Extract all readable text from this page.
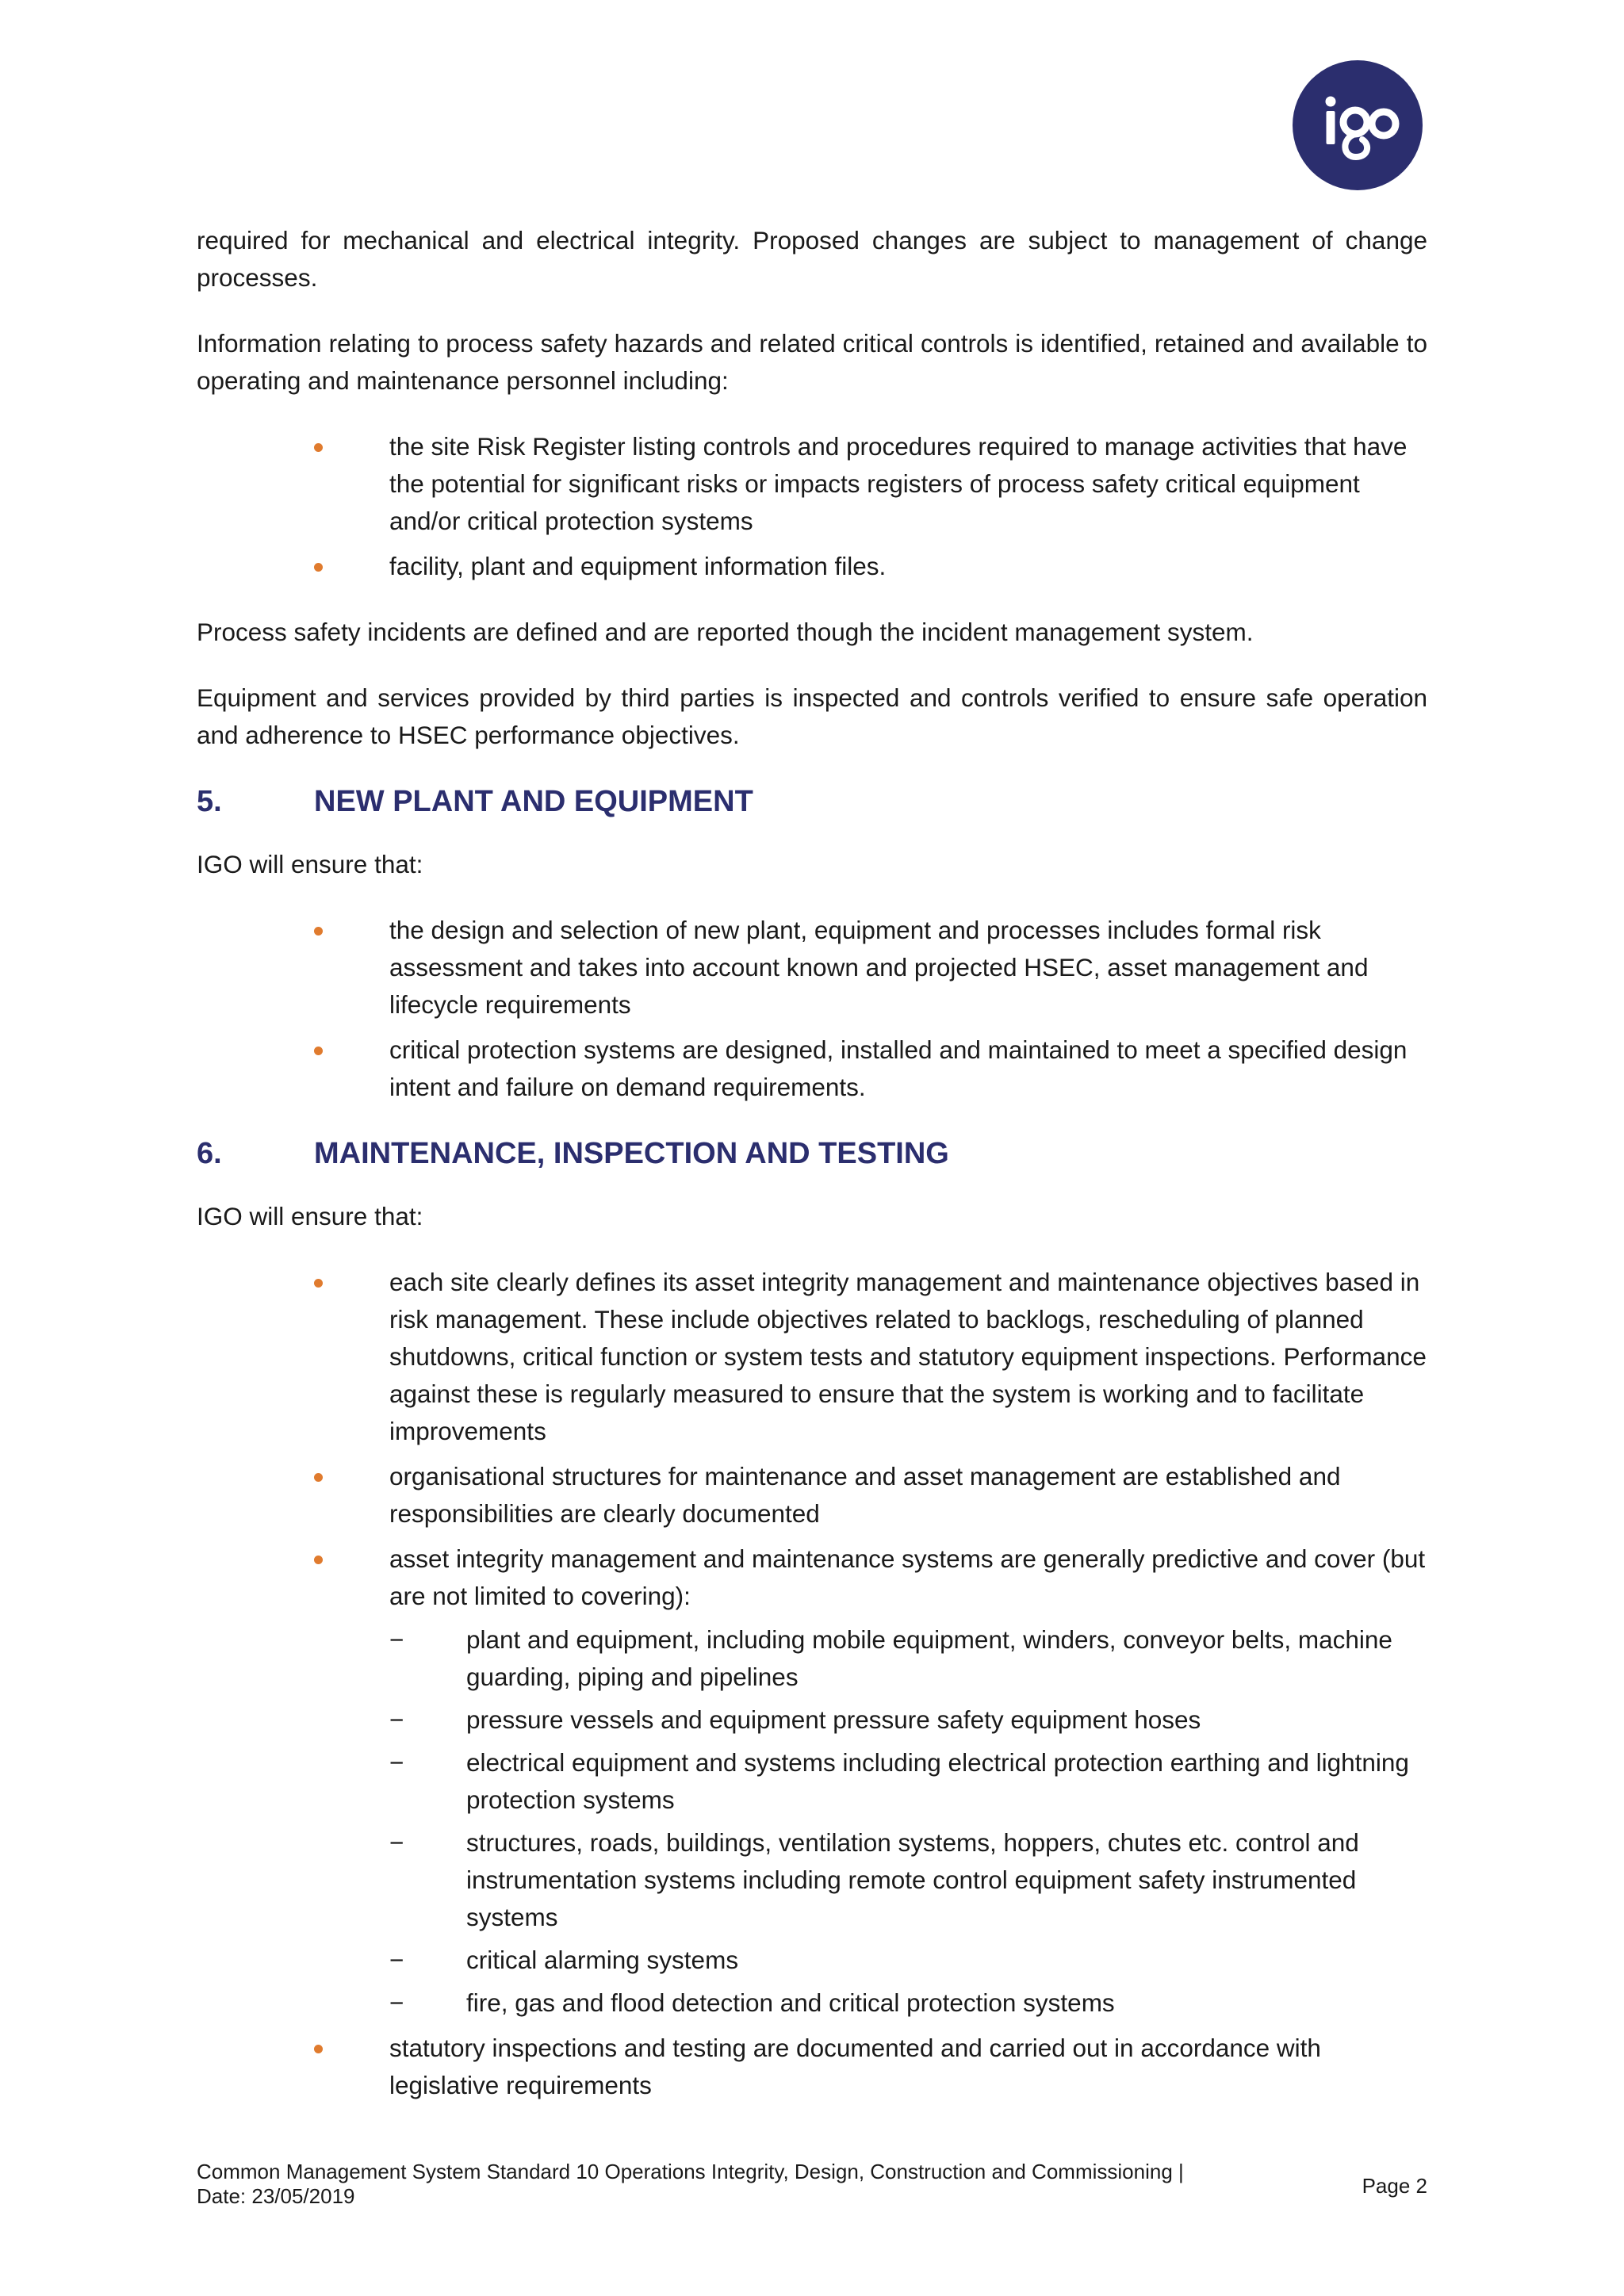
required for mechanical and electrical integrity. Proposed changes are subject to management of change processes.

Information relating to process safety hazards and related critical controls is identified, retained and available to operating and maintenance personnel including:

the site Risk Register listing controls and procedures required to manage activities that have the potential for significant risks or impacts registers of process safety critical equipment and/or critical protection systems
facility, plant and equipment information files.

Process safety incidents are defined and are reported though the incident management system.

Equipment and services provided by third parties is inspected and controls verified to ensure safe operation and adherence to HSEC performance objectives.

5.	NEW PLANT AND EQUIPMENT

IGO will ensure that:

the design and selection of new plant, equipment and processes includes formal risk assessment and takes into account known and projected HSEC, asset management and lifecycle requirements
critical protection systems are designed, installed and maintained to meet a specified design intent and failure on demand requirements.
6.	MAINTENANCE, INSPECTION AND TESTING

IGO will ensure that:

each site clearly defines its asset integrity management and maintenance objectives based in risk management. These include objectives related to backlogs, rescheduling of planned shutdowns, critical function or system tests and statutory equipment inspections. Performance against these is regularly measured to ensure that the system is working and to facilitate improvements
organisational structures for maintenance and asset management are established and responsibilities are clearly documented
asset integrity management and maintenance systems are generally predictive and cover (but are not limited to covering):
−	plant and equipment, including mobile equipment, winders, conveyor belts, machine guarding, piping and pipelines
−	pressure vessels and equipment pressure safety equipment hoses
−	electrical equipment and systems including electrical protection earthing and lightning protection systems
−	structures, roads, buildings, ventilation systems, hoppers, chutes etc. control and instrumentation systems including remote control equipment safety instrumented systems
−	critical alarming systems
−	fire, gas and flood detection and critical protection systems
statutory inspections and testing are documented and carried out in accordance with legislative requirements
Common Management System Standard 10 Operations Integrity, Design, Construction and Commissioning |
Date: 23/05/2019	Page 2
